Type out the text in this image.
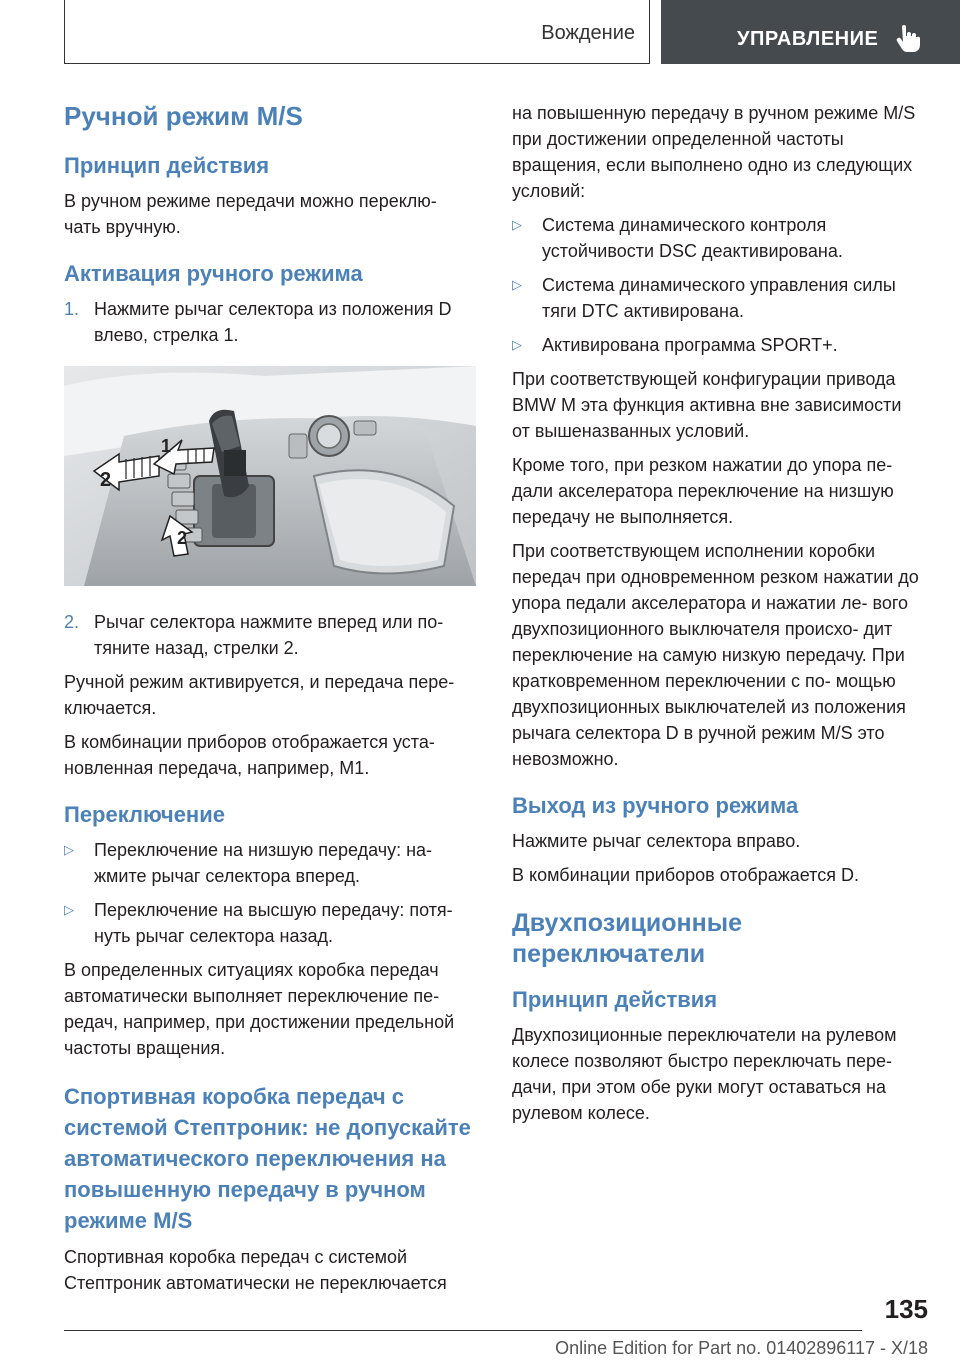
Вождение	УПРАВЛЕНИЕ
Ручной режим M/S
Принцип действия

В ручном режиме передачи можно переклю‐ чать вручную.

Активация ручного режима
1. Нажмите рычаг селектора из положения D влево, стрелка 1.
2
1
2
2. Рычаг селектора нажмите вперед или по‐ тяните назад, стрелки 2.

Ручной режим активируется, и передача пере‐ ключается.

В комбинации приборов отображается уста‐ новленная передача, например, M1.

Переключение
▷	Переключение на низшую передачу: на‐ жмите рычаг селектора вперед.
▷	Переключение на высшую передачу: потя‐ нуть рычаг селектора назад.

В определенных ситуациях коробка передач автоматически выполняет переключение пе‐ редач, например, при достижении предельной частоты вращения.

Спортивная коробка передач с системой Стептроник: не допускайте автоматического переключения на повышенную передачу в ручном режиме M/S

Спортивная коробка передач с системой Стептроник автоматически не переключается

на повышенную передачу в ручном режиме M/S при достижении определенной частоты вращения, если выполнено одно из следующих условий:

▷	Система динамического контроля устойчивости DSC деактивирована.
▷	Система динамического управления силы тяги DTC активирована.
▷	Активирована программа SPORT+.

При соответствующей конфигурации привода BMW M эта функция активна вне зависимости от вышеназванных условий.

Кроме того, при резком нажатии до упора пе‐ дали акселератора переключение на низшую передачу не выполняется.

При соответствующем исполнении коробки передач при одновременном резком нажатии до упора педали акселератора и нажатии ле‐ вого двухпозиционного выключателя происхо‐ дит переключение на самую низкую передачу. При кратковременном переключении с по‐ мощью двухпозиционных выключателей из положения рычага селектора D в ручной режим M/S это невозможно.

Выход из ручного режима

Нажмите рычаг селектора вправо.

В комбинации приборов отображается D.

Двухпозиционные переключатели
Принцип действия

Двухпозиционные переключатели на рулевом колесе позволяют быстро переключать пере‐ дачи, при этом обе руки могут оставаться на рулевом колесе.

135
Online Edition for Part no. 01402896117 - X/18
